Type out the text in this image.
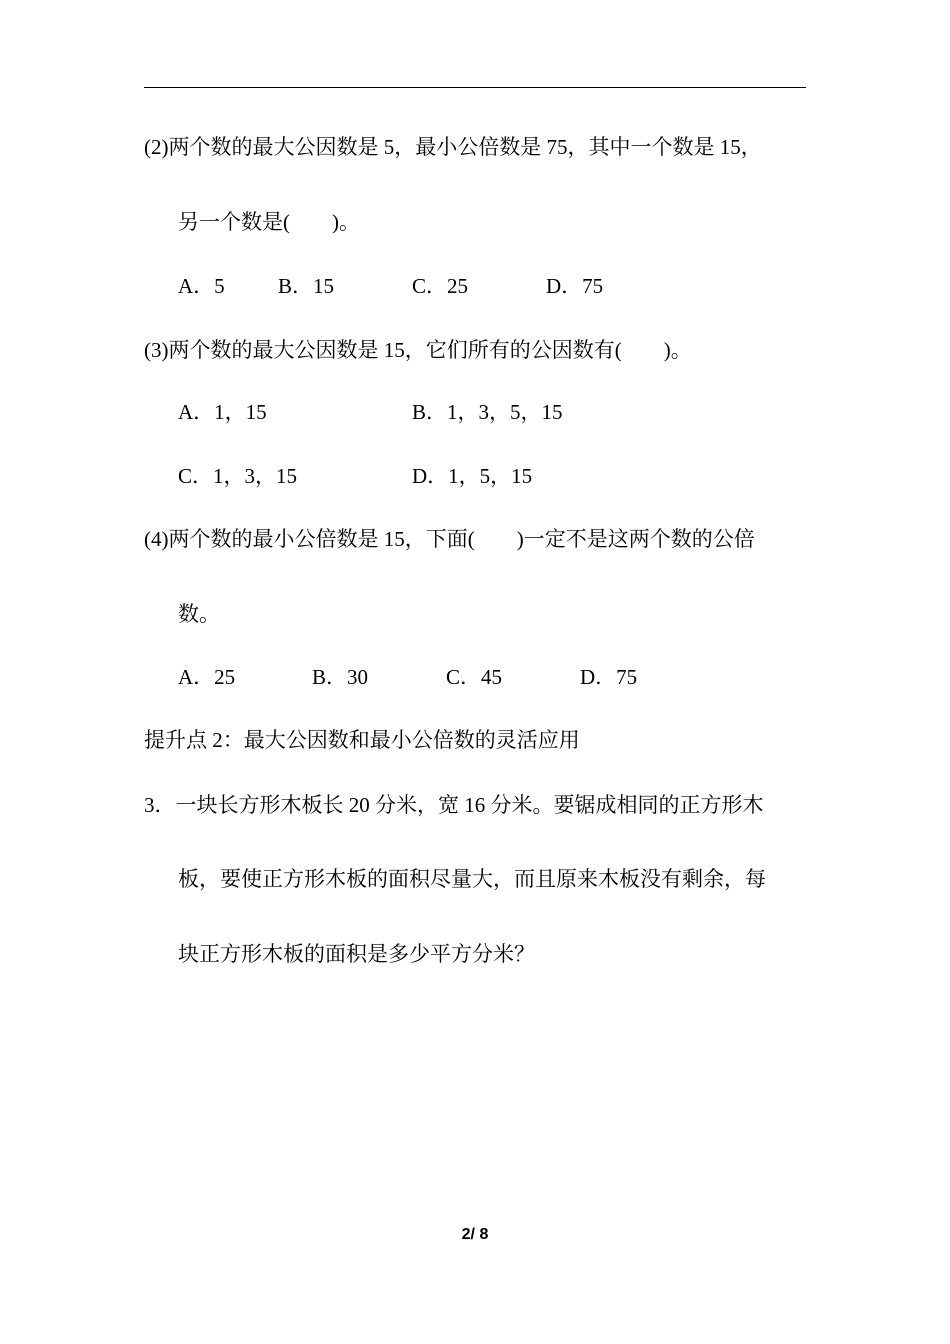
(2)两个数的最大公因数是 5，最小公倍数是 75，其中一个数是 15，
另一个数是(　　)。
A．5	B．15	C．25	D．75
(3)两个数的最大公因数是 15，它们所有的公因数有(　　)。
A．1，15	B．1，3，5，15
C．1，3，15	D．1，5，15
(4)两个数的最小公倍数是 15，下面(　　)一定不是这两个数的公倍
数。
A．25	B．30	C．45	D．75
提升点 2：最大公因数和最小公倍数的灵活应用
3．一块长方形木板长 20 分米，宽 16 分米。要锯成相同的正方形木
板，要使正方形木板的面积尽量大，而且原来木板没有剩余，每
块正方形木板的面积是多少平方分米？
2/ 8
